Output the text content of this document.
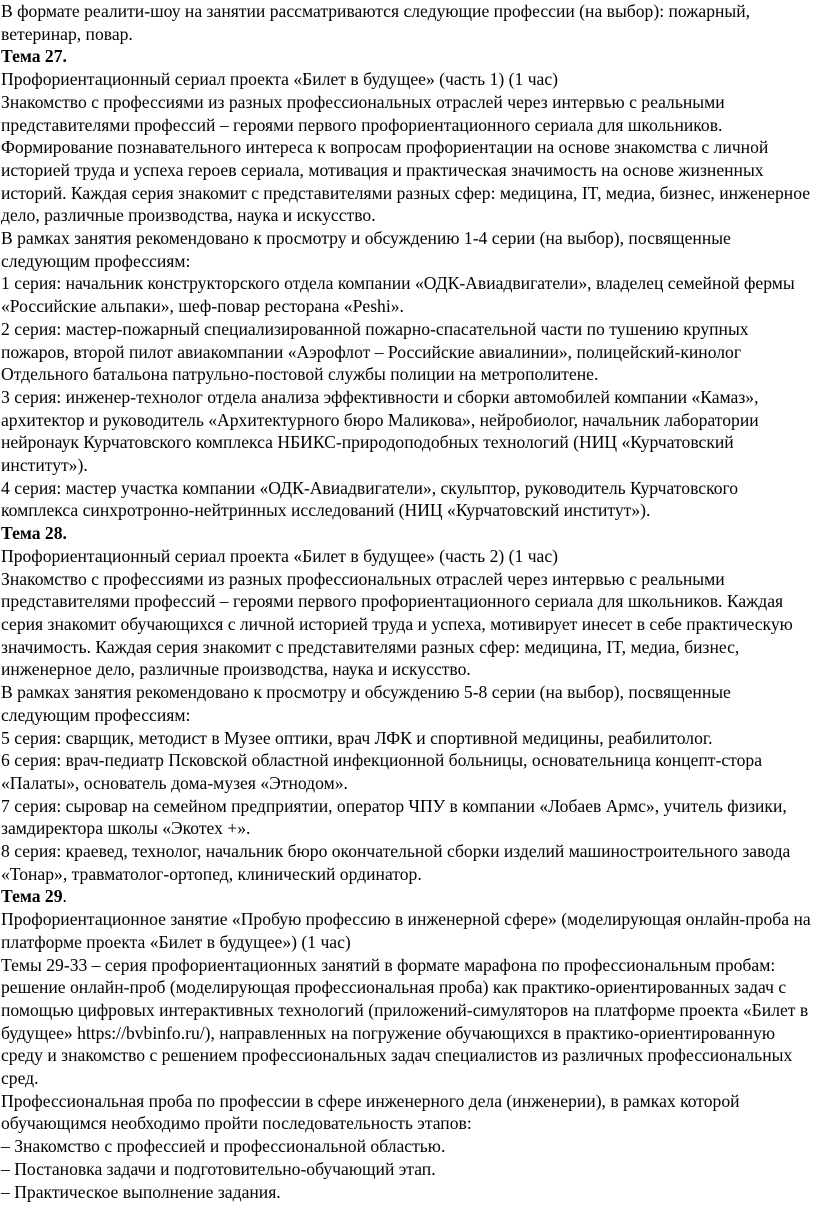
В формате реалити-шоу на занятии рассматриваются следующие профессии (на выбор): пожарный, ветеринар, повар.

Тема 27.

Профориентационный сериал проекта «Билет в будущее» (часть 1) (1 час)

Знакомство с профессиями из разных профессиональных отраслей через интервью с реальными представителями профессий – героями первого профориентационного сериала для школьников. Формирование познавательного интереса к вопросам профориентации на основе знакомства с личной историей труда и успеха героев сериала, мотивация и практическая значимость на основе жизненных историй. Каждая серия знакомит с представителями разных сфер: медицина, IT, медиа, бизнес, инженерное дело, различные производства, наука и искусство.

В рамках занятия рекомендовано к просмотру и обсуждению 1-4 серии (на выбор), посвященные следующим профессиям:

1 серия: начальник конструкторского отдела компании «ОДК-Авиадвигатели», владелец семейной фермы «Российские альпаки», шеф-повар ресторана «Peshi».

2 серия: мастер-пожарный специализированной пожарно-спасательной части по тушению крупных пожаров, второй пилот авиакомпании «Аэрофлот – Российские авиалинии», полицейский-кинолог Отдельного батальона патрульно-постовой службы полиции на метрополитене.

3 серия: инженер-технолог отдела анализа эффективности и сборки автомобилей компании «Камаз», архитектор и руководитель «Архитектурного бюро Маликова», нейробиолог, начальник лаборатории нейронаук Курчатовского комплекса НБИКС-природоподобных технологий (НИЦ «Курчатовский институт»).

4 серия: мастер участка компании «ОДК-Авиадвигатели», скульптор, руководитель Курчатовского комплекса синхротронно-нейтринных исследований (НИЦ «Курчатовский институт»).

Тема 28.

Профориентационный сериал проекта «Билет в будущее» (часть 2) (1 час)

Знакомство с профессиями из разных профессиональных отраслей через интервью с реальными представителями профессий – героями первого профориентационного сериала для школьников. Каждая серия знакомит обучающихся с личной историей труда и успеха, мотивирует инесет в себе практическую значимость. Каждая серия знакомит с представителями разных сфер: медицина, IT, медиа, бизнес, инженерное дело, различные производства, наука и искусство.

В рамках занятия рекомендовано к просмотру и обсуждению 5-8 серии (на выбор), посвященные следующим профессиям:

5 серия: сварщик, методист в Музее оптики, врач ЛФК и спортивной медицины, реабилитолог.

6 серия: врач-педиатр Псковской областной инфекционной больницы, основательница концепт-стора «Палаты», основатель дома-музея «Этнодом».

7 серия: сыровар на семейном предприятии, оператор ЧПУ в компании «Лобаев Армс», учитель физики, замдиректора школы «Экотех +».

8 серия: краевед, технолог, начальник бюро окончательной сборки изделий машиностроительного завода «Тонар», травматолог-ортопед, клинический ординатор.

Тема 29.

Профориентационное занятие «Пробую профессию в инженерной сфере» (моделирующая онлайн-проба на платформе проекта «Билет в будущее») (1 час)

Темы 29-33 – серия профориентационных занятий в формате марафона по профессиональным пробам: решение онлайн-проб (моделирующая профессиональная проба) как практико-ориентированных задач с помощью цифровых интерактивных технологий (приложений-симуляторов на платформе проекта «Билет в будущее» https://bvbinfo.ru/), направленных на погружение обучающихся в практико-ориентированную среду и знакомство с решением профессиональных задач специалистов из различных профессиональных сред.

Профессиональная проба по профессии в сфере инженерного дела (инженерии), в рамках которой обучающимся необходимо пройти последовательность этапов:

– Знакомство с профессией и профессиональной областью.

– Постановка задачи и подготовительно-обучающий этап.

– Практическое выполнение задания.
